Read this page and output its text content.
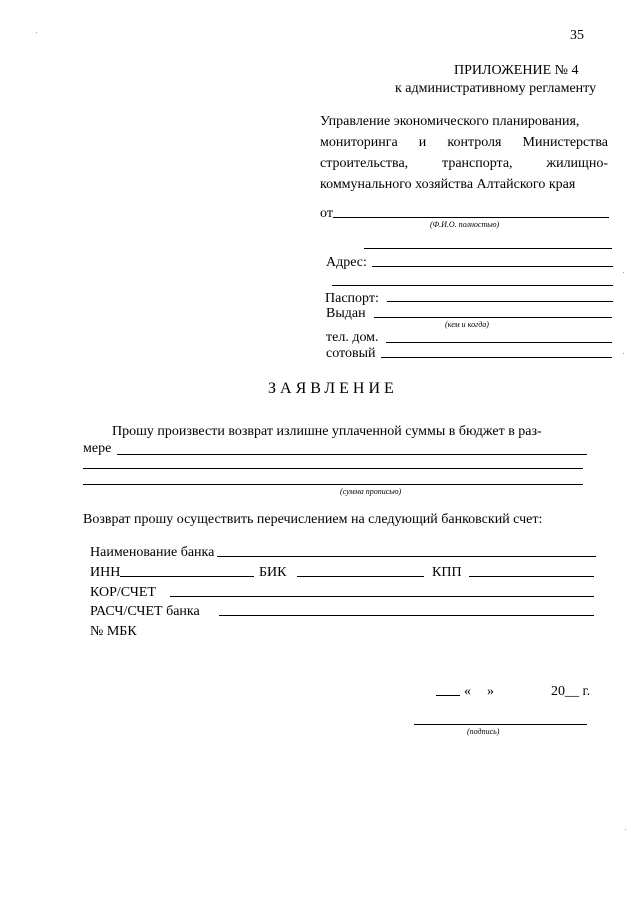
35
ПРИЛОЖЕНИЕ № 4
к административному регламенту
Управление экономического планирования,
мониторинга и контроля Министерства
строительства, транспорта, жилищно-
коммунального хозяйства Алтайского края
от
(Ф.И.О. полностью)
Адрес:
Паспорт:
Выдан
(кем и когда)
тел. дом.
сотовый
ЗАЯВЛЕНИЕ
Прошу произвести возврат излишне уплаченной суммы в бюджет в раз-
мере
(сумма прописью)
Возврат прошу осуществить перечислением на следующий банковский счет:
Наименование банка
ИНН	БИК	КПП
КОР/СЧЕТ
РАСЧ/СЧЕТ банка
№ МБК
« »	20__ г.
(подпись)
